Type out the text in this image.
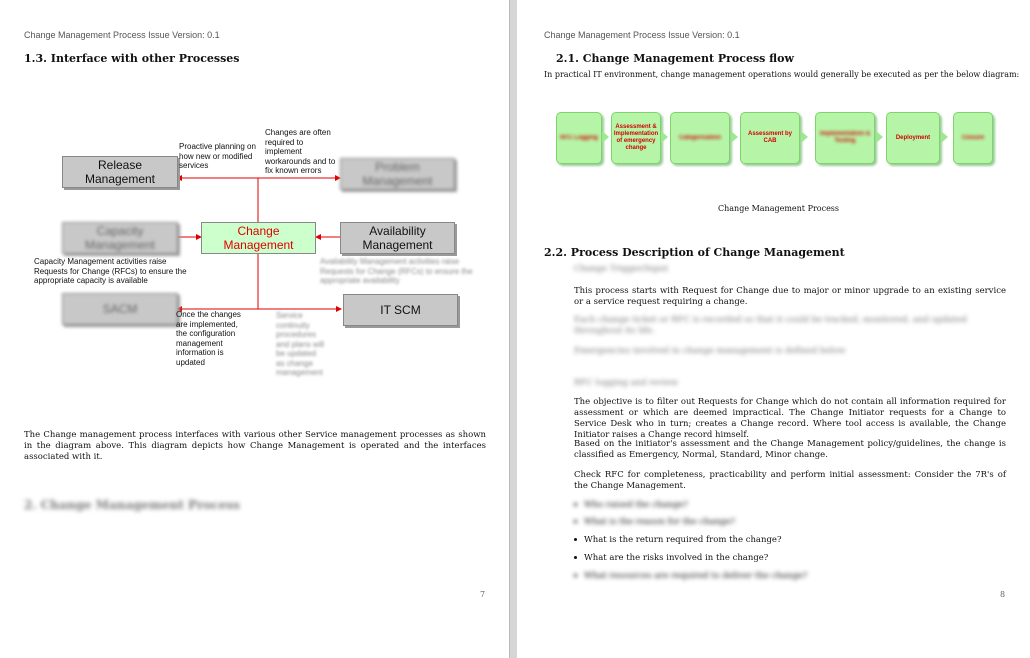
Change Management Process Issue Version: 0.1
1.3. Interface with other Processes
Release Management
Problem Management
Capacity Management
Change Management
Availability Management
SACM	IT SCM
Proactive planning on how new or modified services
Changes are often required to implement workarounds and to fix known errors
Capacity Management activities raise Requests for Change (RFCs) to ensure the appropriate capacity is available
Availability Management activities raise Requests for Change (RFCs) to ensure the appropriate availability
Once the changes are implemented, the configuration management information is updated
Service continuity procedures and plans will be updated as change management
The Change management process interfaces with various other Service management processes as shown in the diagram above. This diagram depicts how Change Management is operated and the interfaces associated with it.
2. Change Management Process
7
Change Management Process Issue Version: 0.1
2.1. Change Management Process flow
In practical IT environment, change management operations would generally be executed as per the below diagram:
RFC Logging
Assessment & Implementation of emergency change
Categorisation
Assessment by CAB
Implementation & Testing
Deployment	Closure
Change Management Process
2.2. Process Description of Change Management
Change Trigger/Input
This process starts with Request for Change due to major or minor upgrade to an existing service or a service request requiring a change.
Each change ticket or RFC is recorded so that it could be tracked, monitored, and updated throughout its life.
Emergencies involved in change management is defined below
RFC logging and review
The objective is to filter out Requests for Change which do not contain all information required for assessment or which are deemed impractical. The Change Initiator requests for a Change to Service Desk who in turn; creates a Change record. Where tool access is available, the Change Initiator raises a Change record himself.
Based on the initiator's assessment and the Change Management policy/guidelines, the change is classified as Emergency, Normal, Standard, Minor change.
Check RFC for completeness, practicability and perform initial assessment: Consider the 7R's of the Change Management.
Who raised the change?
What is the reason for the change?
What is the return required from the change?
What are the risks involved in the change?
What resources are required to deliver the change?
8
